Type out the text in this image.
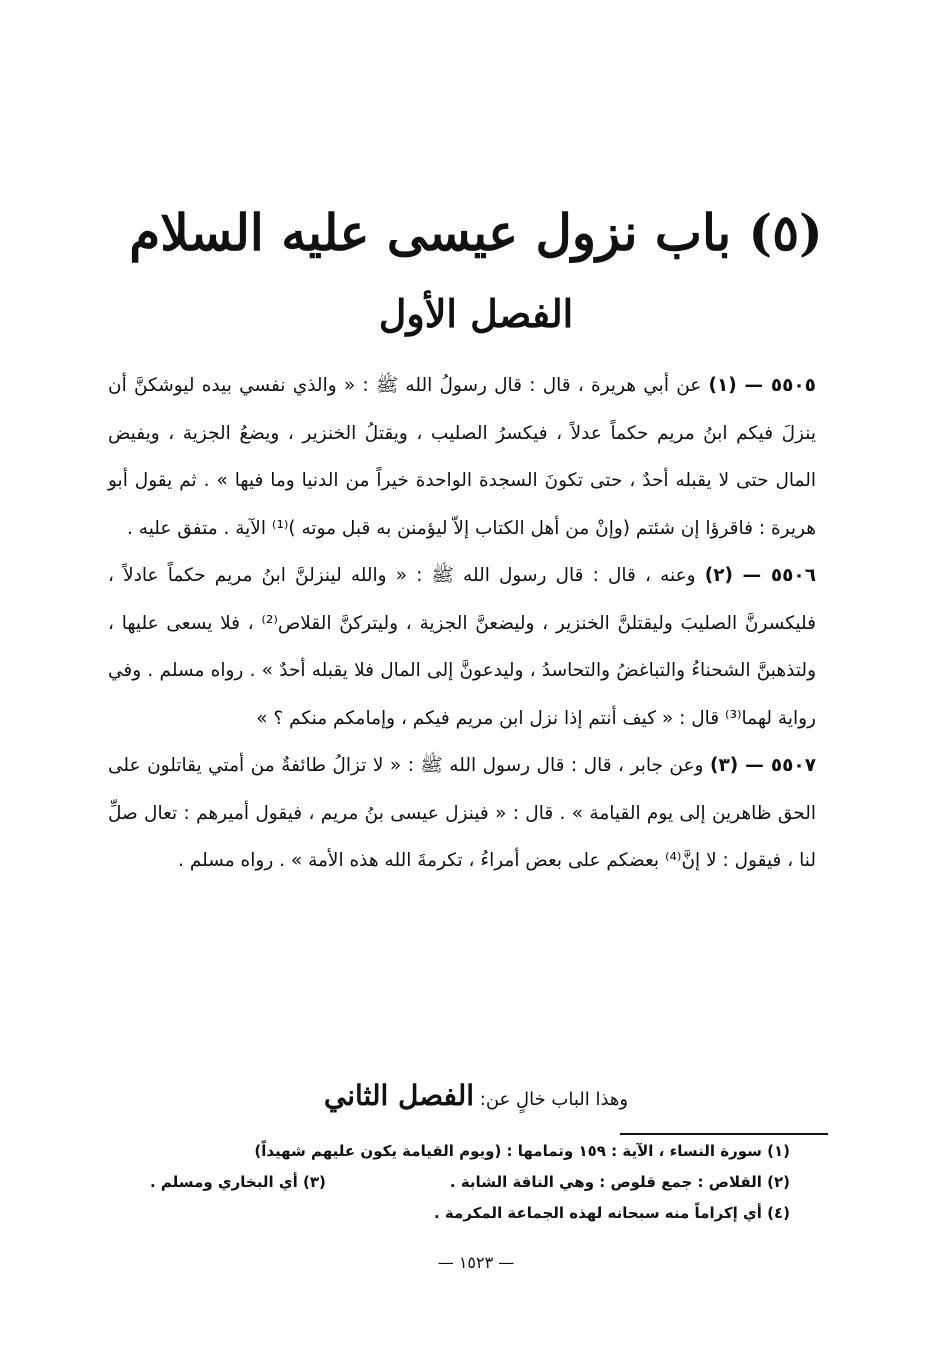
(٥) باب نزول عيسى عليه السلام
الفصل الأول

٥٥٠٥ — (١) عن أبي هريرة ، قال : قال رسولُ الله ﷺ : « والذي نفسي بيده ليوشكنَّ أن ينزلَ فيكم ابنُ مريم حكماً عدلاً ، فيكسرُ الصليب ، ويقتلُ الخنزير ، ويضعُ الجزية ، ويفيض المال حتى لا يقبله أحدٌ ، حتى تكونَ السجدة الواحدة خيراً من الدنيا وما فيها » . ثم يقول أبو هريرة : فاقرؤا إن شئتم (وإنْ من أهل الكتاب إلاّ ليؤمنن به قبل موته )⁽¹⁾ الآية . متفق عليه .

٥٥٠٦ — (٢) وعنه ، قال : قال رسول الله ﷺ : « والله لينزلنَّ ابنُ مريم حكماً عادلاً ، فليكسرنَّ الصليبَ وليقتلنَّ الخنزير ، وليضعنَّ الجزية ، وليتركنَّ القلاص⁽²⁾ ، فلا يسعى عليها ، ولتذهبنَّ الشحناءُ والتباغضُ والتحاسدُ ، وليدعونَّ إلى المال فلا يقبله أحدٌ » . رواه مسلم . وفي رواية لهما⁽³⁾ قال : « كيف أنتم إذا نزل ابن مريم فيكم ، وإمامكم منكم ؟ »

٥٥٠٧ — (٣) وعن جابر ، قال : قال رسول الله ﷺ : « لا تزالُ طائفةٌ من أمتي يقاتلون على الحق ظاهرين إلى يوم القيامة » . قال : « فينزل عيسى بنُ مريم ، فيقول أميرهم : تعال صلِّ لنا ، فيقول : لا إنَّ⁽⁴⁾ بعضكم على بعض أمراءُ ، تكرمةَ الله هذه الأمة » . رواه مسلم .

وهذا الباب خالٍ عن: الفصل الثاني
(١) سورة النساء ، الآية : ١٥٩ وتمامها : (ويوم القيامة يكون عليهم شهيداً)
(٢) القلاص : جمع قلوص : وهي الناقة الشابة .
(٣) أي البخاري ومسلم .
(٤) أي إكراماً منه سبحانه لهذه الجماعة المكرمة .
— ١٥٢٣ —
